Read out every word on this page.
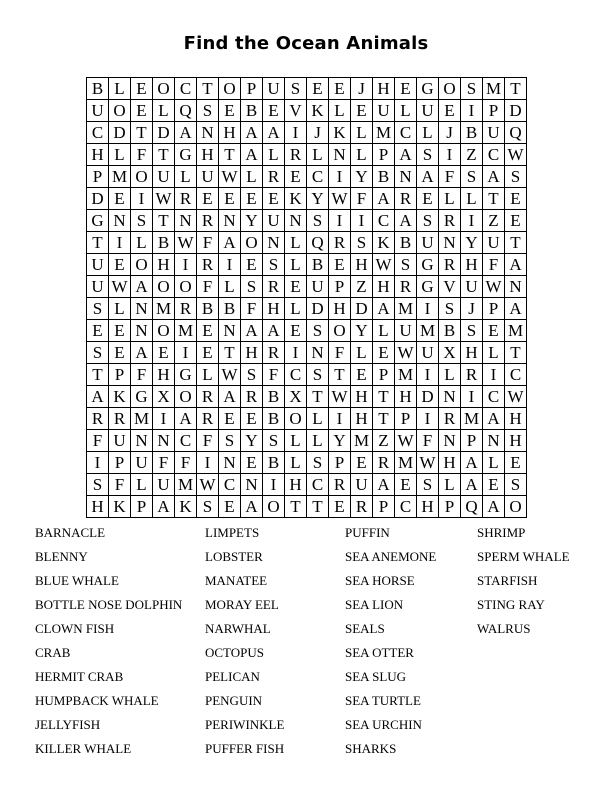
Find the Ocean Animals
B	L	E	O	C	T	O	P	U	S	E	E	J	H	E	G	O	S	M	T
U	O	E	L	Q	S	E	B	E	V	K	L	E	U	L	U	E	I	P	D
C	D	T	D	A	N	H	A	A	I	J	K	L	M	C	L	J	B	U	Q
H	L	F	T	G	H	T	A	L	R	L	N	L	P	A	S	I	Z	C	W
P	M	O	U	L	U	W	L	R	E	C	I	Y	B	N	A	F	S	A	S
D	E	I	W	R	E	E	E	E	K	Y	W	F	A	R	E	L	L	T	E
G	N	S	T	N	R	N	Y	U	N	S	I	I	C	A	S	R	I	Z	E
T	I	L	B	W	F	A	O	N	L	Q	R	S	K	B	U	N	Y	U	T
U	E	O	H	I	R	I	E	S	L	B	E	H	W	S	G	R	H	F	A
U	W	A	O	O	F	L	S	R	E	U	P	Z	H	R	G	V	U	W	N
S	L	N	M	R	B	B	F	H	L	D	H	D	A	M	I	S	J	P	A
E	E	N	O	M	E	N	A	A	E	S	O	Y	L	U	M	B	S	E	M
S	E	A	E	I	E	T	H	R	I	N	F	L	E	W	U	X	H	L	T
T	P	F	H	G	L	W	S	F	C	S	T	E	P	M	I	L	R	I	C
A	K	G	X	O	R	A	R	B	X	T	W	H	T	H	D	N	I	C	W
R	R	M	I	A	R	E	E	B	O	L	I	H	T	P	I	R	M	A	H
F	U	N	N	C	F	S	Y	S	L	L	Y	M	Z	W	F	N	P	N	H
I	P	U	F	F	I	N	E	B	L	S	P	E	R	M	W	H	A	L	E
S	F	L	U	M	W	C	N	I	H	C	R	U	A	E	S	L	A	E	S
H	K	P	A	K	S	E	A	O	T	T	E	R	P	C	H	P	Q	A	O
BARNACLE
BLENNY
BLUE WHALE
BOTTLE NOSE DOLPHIN
CLOWN FISH
CRAB
HERMIT CRAB
HUMPBACK WHALE
JELLYFISH
KILLER WHALE
LIMPETS
LOBSTER
MANATEE
MORAY EEL
NARWHAL
OCTOPUS
PELICAN
PENGUIN
PERIWINKLE
PUFFER FISH
PUFFIN
SEA ANEMONE
SEA HORSE
SEA LION
SEALS
SEA OTTER
SEA SLUG
SEA TURTLE
SEA URCHIN
SHARKS
SHRIMP
SPERM WHALE
STARFISH
STING RAY
WALRUS
